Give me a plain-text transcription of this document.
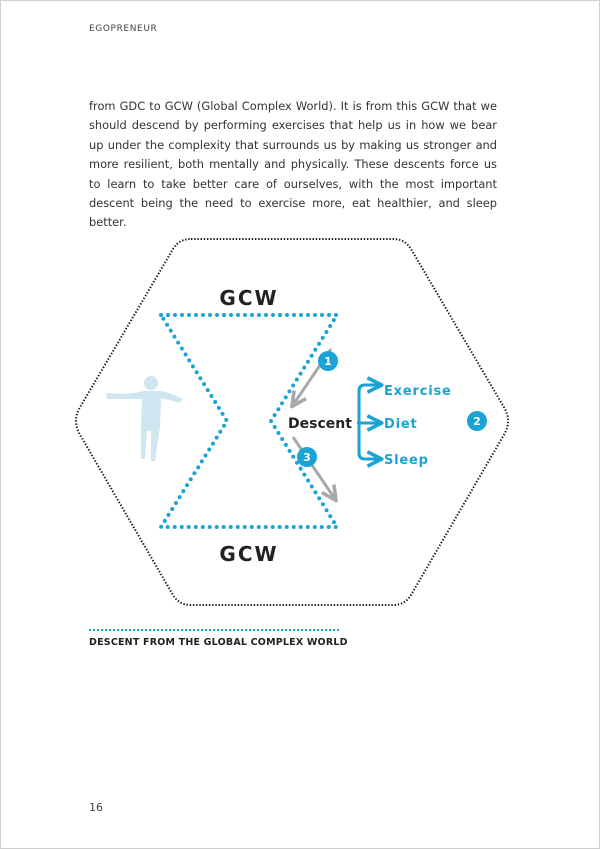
EGOPRENEUR

from GDC to GCW (Global Complex World). It is from this GCW that we should descend by performing exercises that help us in how we bear up under the complexity that surrounds us by making us stronger and more resilient, both mentally and physically. These descents force us to learn to take better care of ourselves, with the most important descent being the need to exercise more, eat healthier, and sleep better.

1
3
2
GCW
GCW
Descent
Exercise
Diet
Sleep
DESCENT FROM THE GLOBAL COMPLEX WORLD
16
